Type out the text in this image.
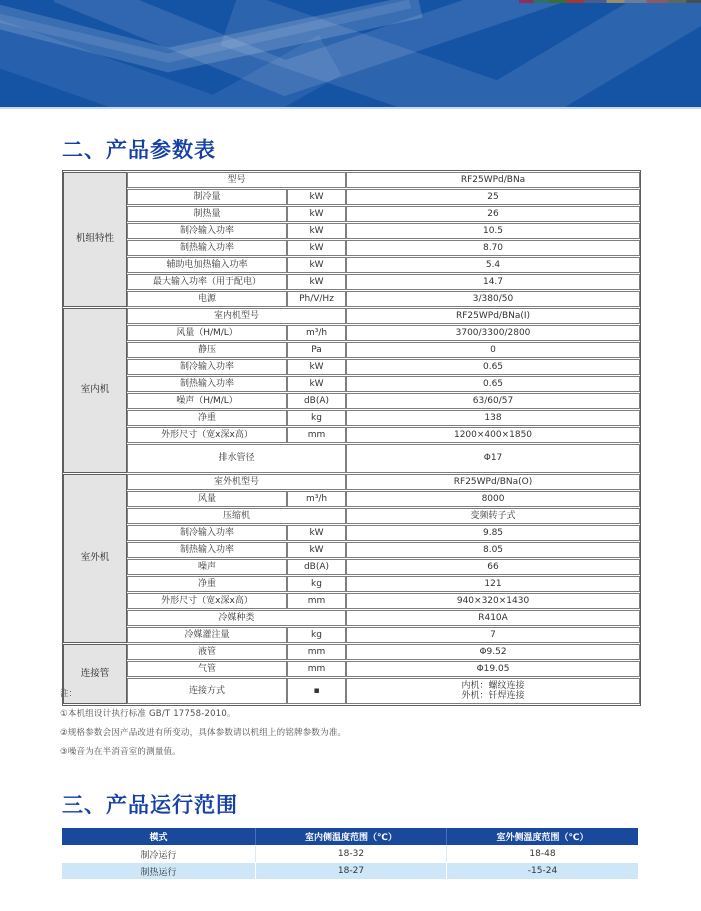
二、产品参数表
机组特性	型号		RF25WPd/BNa
	制冷量	kW	25
	制热量	kW	26
	制冷输入功率	kW	10.5
	制热输入功率	kW	8.70
	辅助电加热输入功率	kW	5.4
	最大输入功率（用于配电）	kW	14.7
	电源	Ph/V/Hz	3/380/50
室内机	室内机型号		RF25WPd/BNa(I)
	风量（H/M/L）	m³/h	3700/3300/2800
	静压	Pa	0
	制冷输入功率	kW	0.65
	制热输入功率	kW	0.65
	噪声（H/M/L）	dB(A)	63/60/57
	净重	kg	138
	外形尺寸（宽x深x高）	mm	1200×400×1850
	排水管径		Φ17
室外机	室外机型号		RF25WPd/BNa(O)
	风量	m³/h	8000
	压缩机		变频转子式
	制冷输入功率	kW	9.85
	制热输入功率	kW	8.05
	噪声	dB(A)	66
	净重	kg	121
	外形尺寸（宽x深x高）	mm	940×320×1430
	冷媒种类		R410A
	冷媒灌注量	kg	7
连接管	液管	mm	Φ9.52
	气管	mm	Φ19.05
	连接方式	▪	内机：螺纹连接
外机：钎焊连接
注：
①本机组设计执行标准 GB/T 17758-2010。
②规格参数会因产品改进有所变动，具体参数请以机组上的铭牌参数为准。
③噪音为在半消音室的测量值。
三、产品运行范围
模式	室内侧温度范围（℃）	室外侧温度范围（℃）
制冷运行	18-32	18-48
制热运行	18-27	-15-24
